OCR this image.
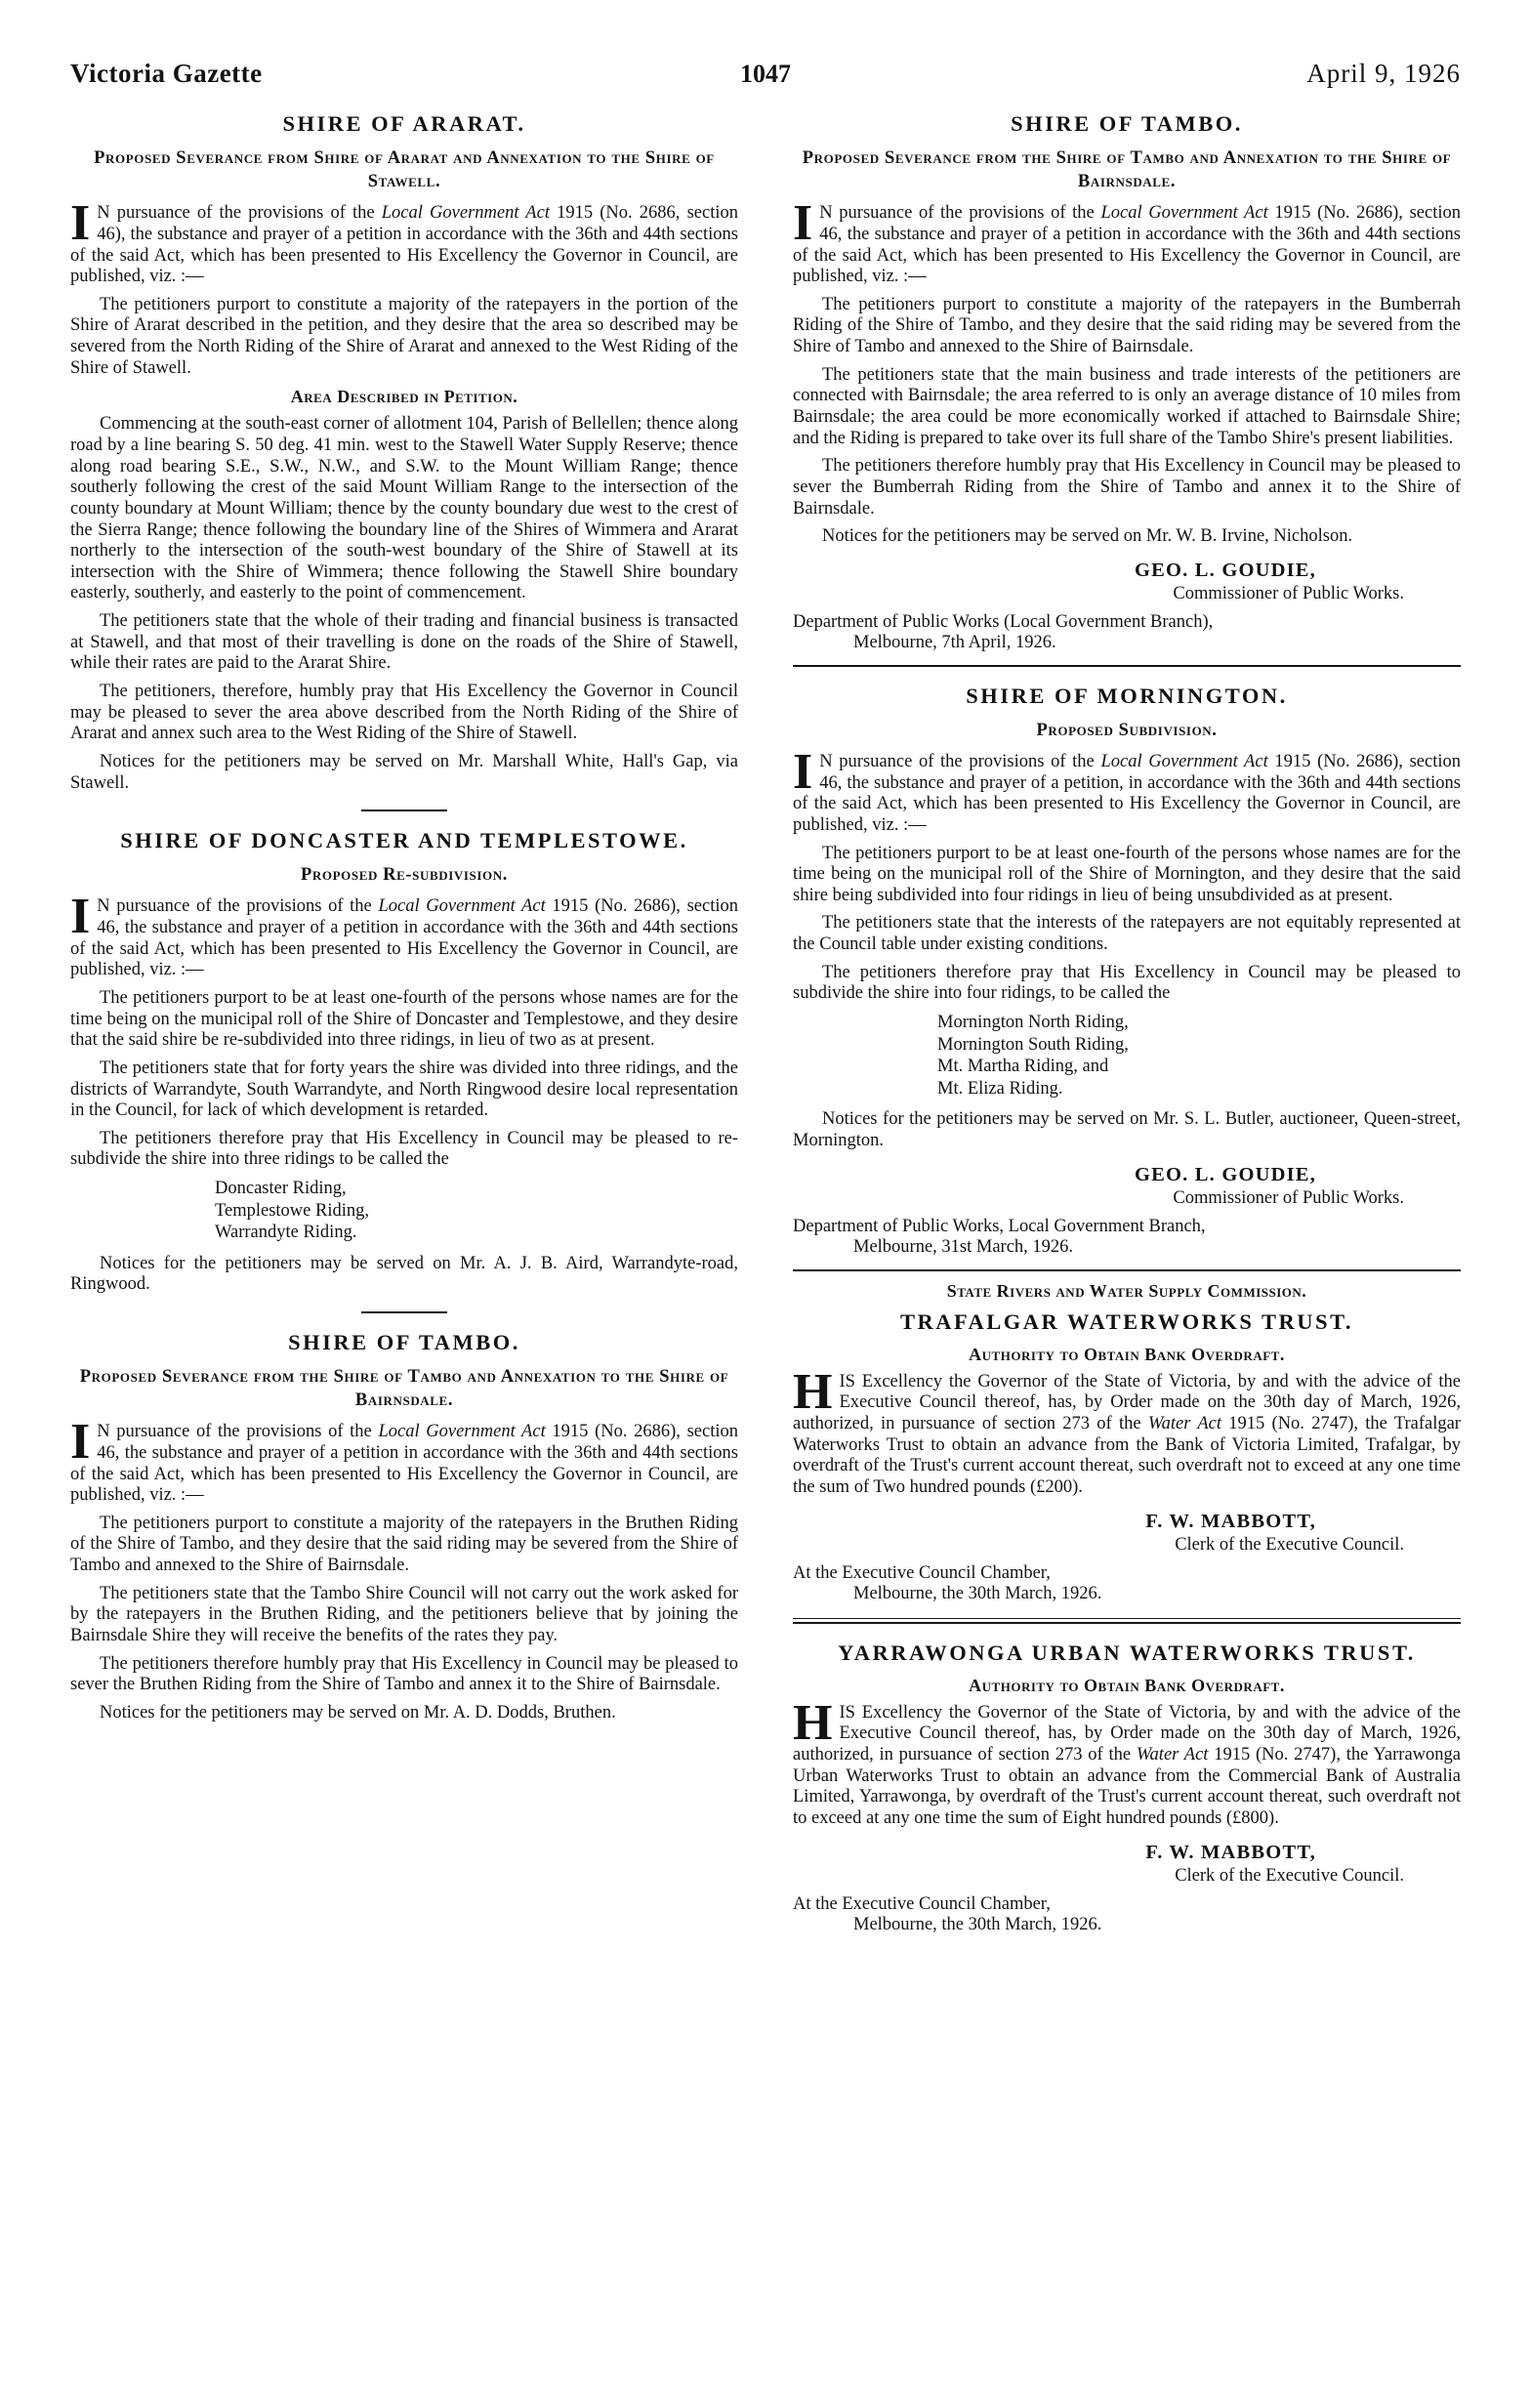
Victoria Gazette	1047	April 9, 1926
SHIRE OF ARARAT.
Proposed Severance from Shire of Ararat and Annexation to the Shire of Stawell.

I N pursuance of the provisions of the Local Government Act 1915 (No. 2686, section 46), the substance and prayer of a petition in accordance with the 36th and 44th sections of the said Act, which has been presented to His Excellency the Governor in Council, are published, viz. :—

The petitioners purport to constitute a majority of the ratepayers in the portion of the Shire of Ararat described in the petition, and they desire that the area so described may be severed from the North Riding of the Shire of Ararat and annexed to the West Riding of the Shire of Stawell.

Area Described in Petition.

Commencing at the south-east corner of allotment 104, Parish of Bellellen; thence along road by a line bearing S. 50 deg. 41 min. west to the Stawell Water Supply Reserve; thence along road bearing S.E., S.W., N.W., and S.W. to the Mount William Range; thence southerly following the crest of the said Mount William Range to the intersection of the county boundary at Mount William; thence by the county boundary due west to the crest of the Sierra Range; thence following the boundary line of the Shires of Wimmera and Ararat northerly to the intersection of the south-west boundary of the Shire of Stawell at its intersection with the Shire of Wimmera; thence following the Stawell Shire boundary easterly, southerly, and easterly to the point of commencement.

The petitioners state that the whole of their trading and financial business is transacted at Stawell, and that most of their travelling is done on the roads of the Shire of Stawell, while their rates are paid to the Ararat Shire.

The petitioners, therefore, humbly pray that His Excellency the Governor in Council may be pleased to sever the area above described from the North Riding of the Shire of Ararat and annex such area to the West Riding of the Shire of Stawell.

Notices for the petitioners may be served on Mr. Marshall White, Hall's Gap, via Stawell.

SHIRE OF DONCASTER AND TEMPLESTOWE.
Proposed Re-subdivision.

I N pursuance of the provisions of the Local Government Act 1915 (No. 2686), section 46, the substance and prayer of a petition in accordance with the 36th and 44th sections of the said Act, which has been presented to His Excellency the Governor in Council, are published, viz. :—

The petitioners purport to be at least one-fourth of the persons whose names are for the time being on the municipal roll of the Shire of Doncaster and Templestowe, and they desire that the said shire be re-subdivided into three ridings, in lieu of two as at present.

The petitioners state that for forty years the shire was divided into three ridings, and the districts of Warrandyte, South Warrandyte, and North Ringwood desire local representation in the Council, for lack of which development is retarded.

The petitioners therefore pray that His Excellency in Council may be pleased to re-subdivide the shire into three ridings to be called the

Doncaster Riding,
Templestowe Riding,
Warrandyte Riding.

Notices for the petitioners may be served on Mr. A. J. B. Aird, Warrandyte-road, Ringwood.

SHIRE OF TAMBO.
Proposed Severance from the Shire of Tambo and Annexation to the Shire of Bairnsdale.

I N pursuance of the provisions of the Local Government Act 1915 (No. 2686), section 46, the substance and prayer of a petition in accordance with the 36th and 44th sections of the said Act, which has been presented to His Excellency the Governor in Council, are published, viz. :—

The petitioners purport to constitute a majority of the ratepayers in the Bruthen Riding of the Shire of Tambo, and they desire that the said riding may be severed from the Shire of Tambo and annexed to the Shire of Bairnsdale.

The petitioners state that the Tambo Shire Council will not carry out the work asked for by the ratepayers in the Bruthen Riding, and the petitioners believe that by joining the Bairnsdale Shire they will receive the benefits of the rates they pay.

The petitioners therefore humbly pray that His Excellency in Council may be pleased to sever the Bruthen Riding from the Shire of Tambo and annex it to the Shire of Bairnsdale.

Notices for the petitioners may be served on Mr. A. D. Dodds, Bruthen.

SHIRE OF TAMBO.
Proposed Severance from the Shire of Tambo and Annexation to the Shire of Bairnsdale.

I N pursuance of the provisions of the Local Government Act 1915 (No. 2686), section 46, the substance and prayer of a petition in accordance with the 36th and 44th sections of the said Act, which has been presented to His Excellency the Governor in Council, are published, viz. :—

The petitioners purport to constitute a majority of the ratepayers in the Bumberrah Riding of the Shire of Tambo, and they desire that the said riding may be severed from the Shire of Tambo and annexed to the Shire of Bairnsdale.

The petitioners state that the main business and trade interests of the petitioners are connected with Bairnsdale; the area referred to is only an average distance of 10 miles from Bairnsdale; the area could be more economically worked if attached to Bairnsdale Shire; and the Riding is prepared to take over its full share of the Tambo Shire's present liabilities.

The petitioners therefore humbly pray that His Excellency in Council may be pleased to sever the Bumberrah Riding from the Shire of Tambo and annex it to the Shire of Bairnsdale.

Notices for the petitioners may be served on Mr. W. B. Irvine, Nicholson.

GEO. L. GOUDIE,
Commissioner of Public Works.
Department of Public Works (Local Government Branch),
Melbourne, 7th April, 1926.
SHIRE OF MORNINGTON.
Proposed Subdivision.

I N pursuance of the provisions of the Local Government Act 1915 (No. 2686), section 46, the substance and prayer of a petition, in accordance with the 36th and 44th sections of the said Act, which has been presented to His Excellency the Governor in Council, are published, viz. :—

The petitioners purport to be at least one-fourth of the persons whose names are for the time being on the municipal roll of the Shire of Mornington, and they desire that the said shire being subdivided into four ridings in lieu of being unsubdivided as at present.

The petitioners state that the interests of the ratepayers are not equitably represented at the Council table under existing conditions.

The petitioners therefore pray that His Excellency in Council may be pleased to subdivide the shire into four ridings, to be called the

Mornington North Riding,
Mornington South Riding,
Mt. Martha Riding, and
Mt. Eliza Riding.

Notices for the petitioners may be served on Mr. S. L. Butler, auctioneer, Queen-street, Mornington.

GEO. L. GOUDIE,
Commissioner of Public Works.
Department of Public Works, Local Government Branch,
Melbourne, 31st March, 1926.
State Rivers and Water Supply Commission.
TRAFALGAR WATERWORKS TRUST.
Authority to Obtain Bank Overdraft.

HIS Excellency the Governor of the State of Victoria, by and with the advice of the Executive Council thereof, has, by Order made on the 30th day of March, 1926, authorized, in pursuance of section 273 of the Water Act 1915 (No. 2747), the Trafalgar Waterworks Trust to obtain an advance from the Bank of Victoria Limited, Trafalgar, by overdraft of the Trust's current account thereat, such overdraft not to exceed at any one time the sum of Two hundred pounds (£200).

F. W. MABBOTT,
Clerk of the Executive Council.
At the Executive Council Chamber,
Melbourne, the 30th March, 1926.
YARRAWONGA URBAN WATERWORKS TRUST.
Authority to Obtain Bank Overdraft.

HIS Excellency the Governor of the State of Victoria, by and with the advice of the Executive Council thereof, has, by Order made on the 30th day of March, 1926, authorized, in pursuance of section 273 of the Water Act 1915 (No. 2747), the Yarrawonga Urban Waterworks Trust to obtain an advance from the Commercial Bank of Australia Limited, Yarrawonga, by overdraft of the Trust's current account thereat, such overdraft not to exceed at any one time the sum of Eight hundred pounds (£800).

F. W. MABBOTT,
Clerk of the Executive Council.
At the Executive Council Chamber,
Melbourne, the 30th March, 1926.
